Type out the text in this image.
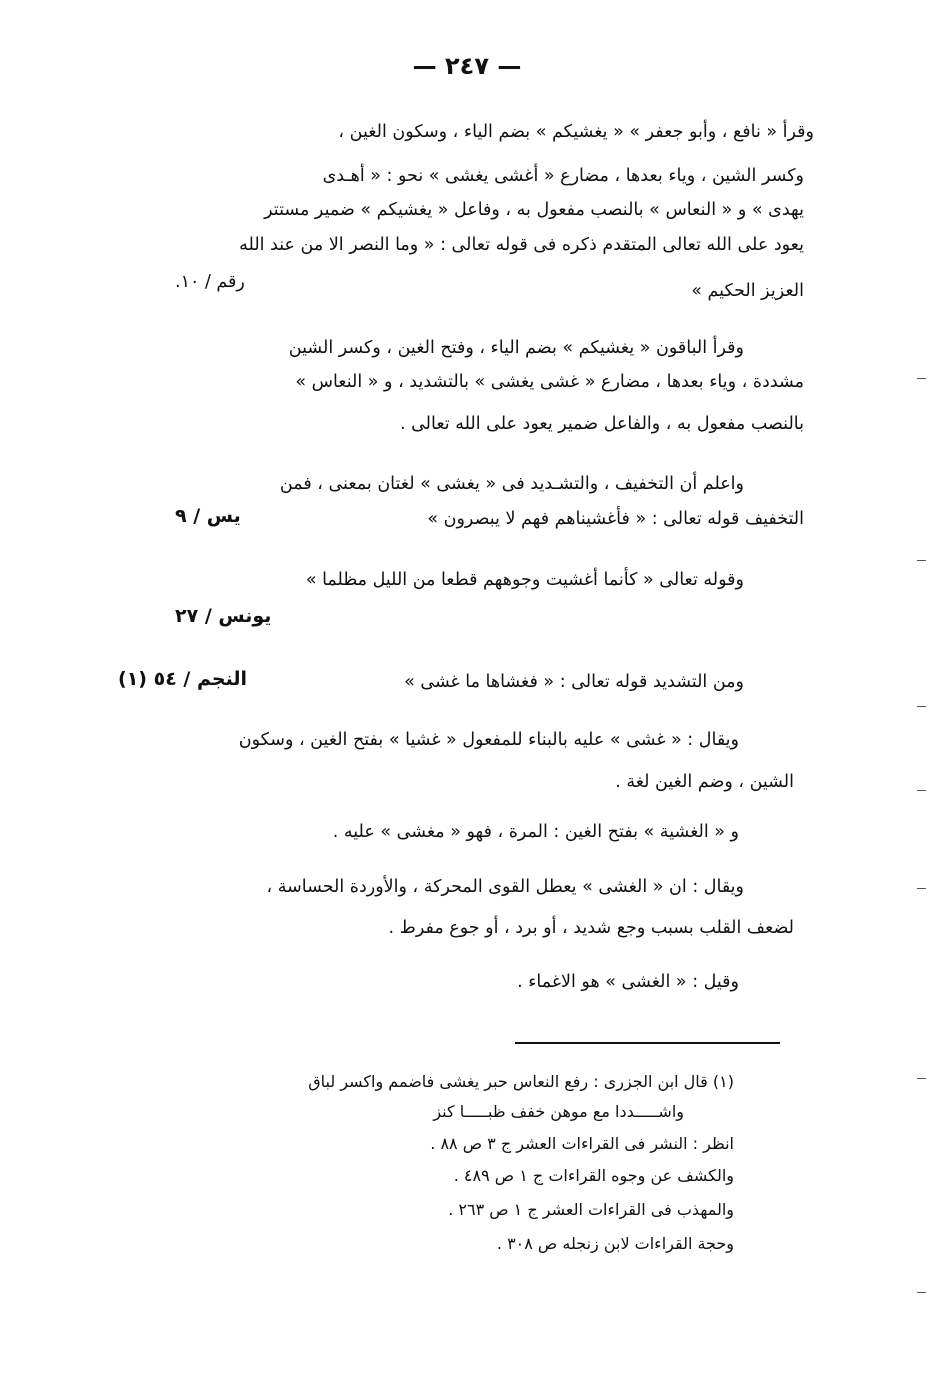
— ٢٤٧ —
وقرأ « نافع ، وأبو جعفر » « يغشيكم » بضم الياء ، وسكون الغين ،
وكسر الشين ، وياء بعدها ، مضارع « أغشى يغشى » نحو : « أهـدى
يهدى » و « النعاس » بالنصب مفعول به ، وفاعل « يغشيكم » ضمير مستتر
يعود على الله تعالى المتقدم ذكره فى قوله تعالى : « وما النصر الا من عند الله
العزيز الحكيم »
رقم / ١٠.
وقرأ الباقون « يغشيكم » بضم الياء ، وفتح الغين ، وكسر الشين
مشددة ، وياء بعدها ، مضارع « غشى يغشى » بالتشديد ، و « النعاس »
بالنصب مفعول به ، والفاعل ضمير يعود على الله تعالى .
واعلم أن التخفيف ، والتشـديد فى « يغشى » لغتان بمعنى ، فمن
التخفيف قوله تعالى : « فأغشيناهم فهم لا يبصرون »
يس / ٩
وقوله تعالى « كأنما أغشيت وجوههم قطعا من الليل مظلما »
يونس / ٢٧
ومن التشديد قوله تعالى : « فغشاها ما غشى »
النجم / ٥٤ (١)
ويقال : « غشى » عليه بالبناء للمفعول « غشيا » بفتح الغين ، وسكون
الشين ، وضم الغين لغة .
و « الغشية » بفتح الغين : المرة ، فهو « مغشى » عليه .
ويقال : ان « الغشى » يعطل القوى المحركة ، والأوردة الحساسة ،
لضعف القلب بسبب وجع شديد ، أو برد ، أو جوع مفرط .
وقيل : « الغشى » هو الاغماء .
(١) قال ابن الجزرى : رفع النعاس حبر يغشى فاضمم واكسر لباق
واشـــــددا مع موهن خفف ظبـــــا كنز
انظر : النشر فى القراءات العشر ج ٣ ص ٨٨ .
والكشف عن وجوه القراءات ج ١ ص ٤٨٩ .
والمهذب فى القراءات العشر ج ١ ص ٢٦٣ .
وحجة القراءات لابن زنجله ص ٣٠٨ .
